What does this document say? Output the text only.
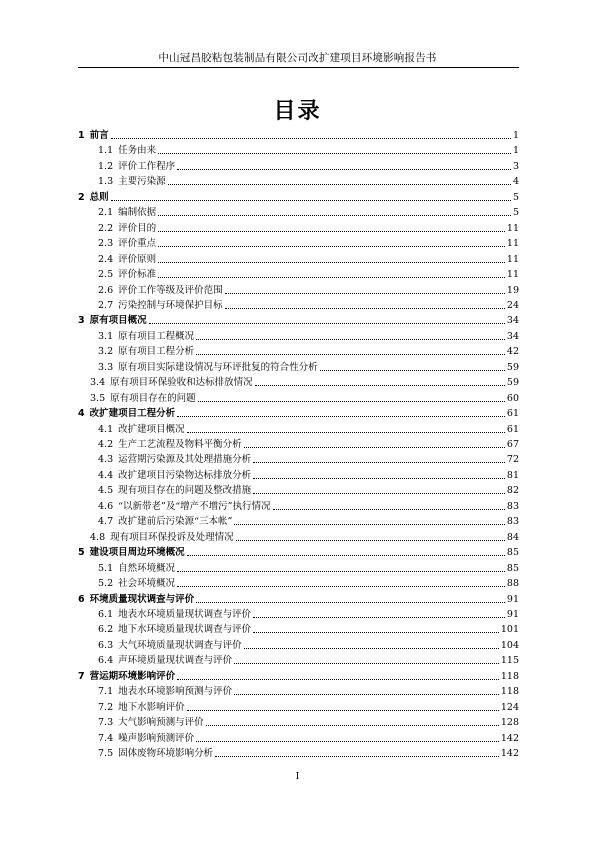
中山冠昌胶粘包装制品有限公司改扩建项目环境影响报告书
目录
1 前言	1
1.1 任务由来	1
1.2 评价工作程序	3
1.3 主要污染源	4
2 总则	5
2.1 编制依据	5
2.2 评价目的	11
2.3 评价重点	11
2.4 评价原则	11
2.5 评价标准	11
2.6 评价工作等级及评价范围	19
2.7 污染控制与环境保护目标	24
3 原有项目概况	34
3.1 原有项目工程概况	34
3.2 原有项目工程分析	42
3.3 原有项目实际建设情况与环评批复的符合性分析	59
3.4 原有项目环保验收和达标排放情况	59
3.5 原有项目存在的问题	60
4 改扩建项目工程分析	61
4.1 改扩建项目概况	61
4.2 生产工艺流程及物料平衡分析	67
4.3 运营期污染源及其处理措施分析	72
4.4 改扩建项目污染物达标排放分析	81
4.5 现有项目存在的问题及整改措施	82
4.6 “以新带老”及“增产不增污”执行情况	83
4.7 改扩建前后污染源“三本帐”	83
4.8 现有项目环保投诉及处理情况	84
5 建设项目周边环境概况	85
5.1 自然环境概况	85
5.2 社会环境概况	88
6 环境质量现状调查与评价	91
6.1 地表水环境质量现状调查与评价	91
6.2 地下水环境质量现状调查与评价	101
6.3 大气环境质量现状调查与评价	104
6.4 声环境质量现状调查与评价	115
7 营运期环境影响评价	118
7.1 地表水环境影响预测与评价	118
7.2 地下水影响评价	124
7.3 大气影响预测与评价	128
7.4 噪声影响预测评价	142
7.5 固体废物环境影响分析	142
I
